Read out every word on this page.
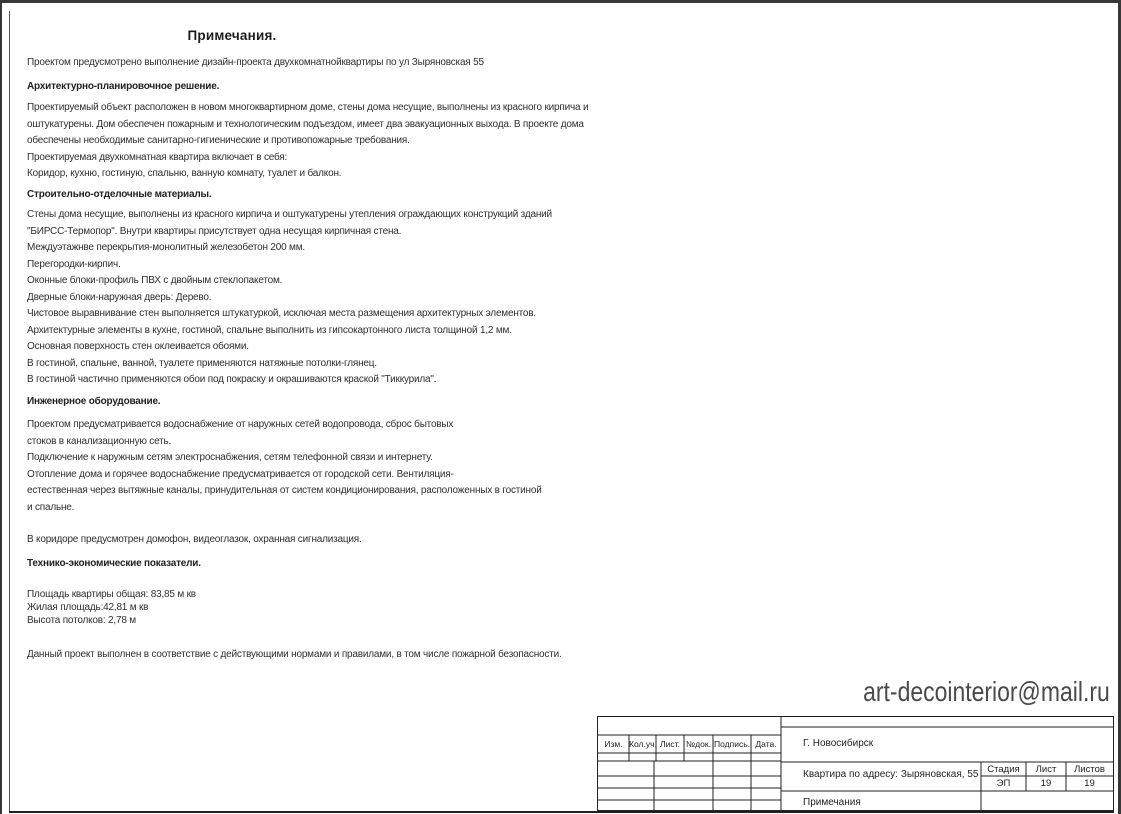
Примечания.
Проектом предусмотрено выполнение дизайн-проекта двухкомнатнойквартиры по ул Зыряновская 55
Архитектурно-планировочное решение.
Проектируемый объект расположен в новом многоквартирном доме, стены дома несущие, выполнены из красного кирпича и
оштукатурены. Дом обеспечен пожарным и технологическим подъездом, имеет два эвакуационных выхода. В проекте дома
обеспечены необходимые санитарно-гигиенические и противопожарные требования.
Проектируемая двухкомнатная квартира включает в себя:
Коридор, кухню, гостиную, спальню, ванную комнату, туалет и балкон.
Строительно-отделочные материалы.
Стены дома несущие, выполнены из красного кирпича и оштукатурены утепления ограждающих конструкций зданий
"БИРСС-Термопор". Внутри квартиры присутствует одна несущая кирпичная стена.
Междуэтажнве перекрытия-монолитный железобетон 200 мм.
Перегородки-кирпич.
Оконные блоки-профиль ПВХ с двойным стеклопакетом.
Дверные блоки-наружная дверь: Дерево.
Чистовое выравнивание стен выполняется штукатуркой, исключая места размещения архитектурных элементов.
Архитектурные элементы в кухне, гостиной, спальне выполнить из гипсокартонного листа толщиной 1,2 мм.
Основная поверхность стен оклеивается обоями.
В гостиной, спальне, ванной, туалете применяются натяжные потолки-глянец.
В гостиной частично применяются обои под покраску и окрашиваются краской "Тиккурила".
Инженерное оборудование.
Проектом предусматривается водоснабжение от наружных сетей водопровода, сброс бытовых
стоков в канализационную сеть.
Подключение к наружным сетям электроснабжения, сетям телефонной связи и интернету.
Отопление дома и горячее водоснабжение предусматривается от городской сети. Вентиляция-
естественная через вытяжные каналы, принудительная от систем кондиционирования, расположенных в гостиной
и спальне.
В коридоре предусмотрен домофон, видеоглазок, охранная сигнализация.
Технико-экономические показатели.
Площадь квартиры общая: 83,85 м кв
Жилая площадь:42,81 м кв
Высота потолков: 2,78 м
Данный проект выполнен в соответствие с действующими нормами и правилами, в том числе пожарной безопасности.
art-decointerior@mail.ru
Изм. Кол.уч. Лист. №док. Подпись. Дата.	Г. Новосибирск
Квартира по адресу: Зыряновская, 55
Примечания
Стадия	Лист	Листов
ЭП	19	19
